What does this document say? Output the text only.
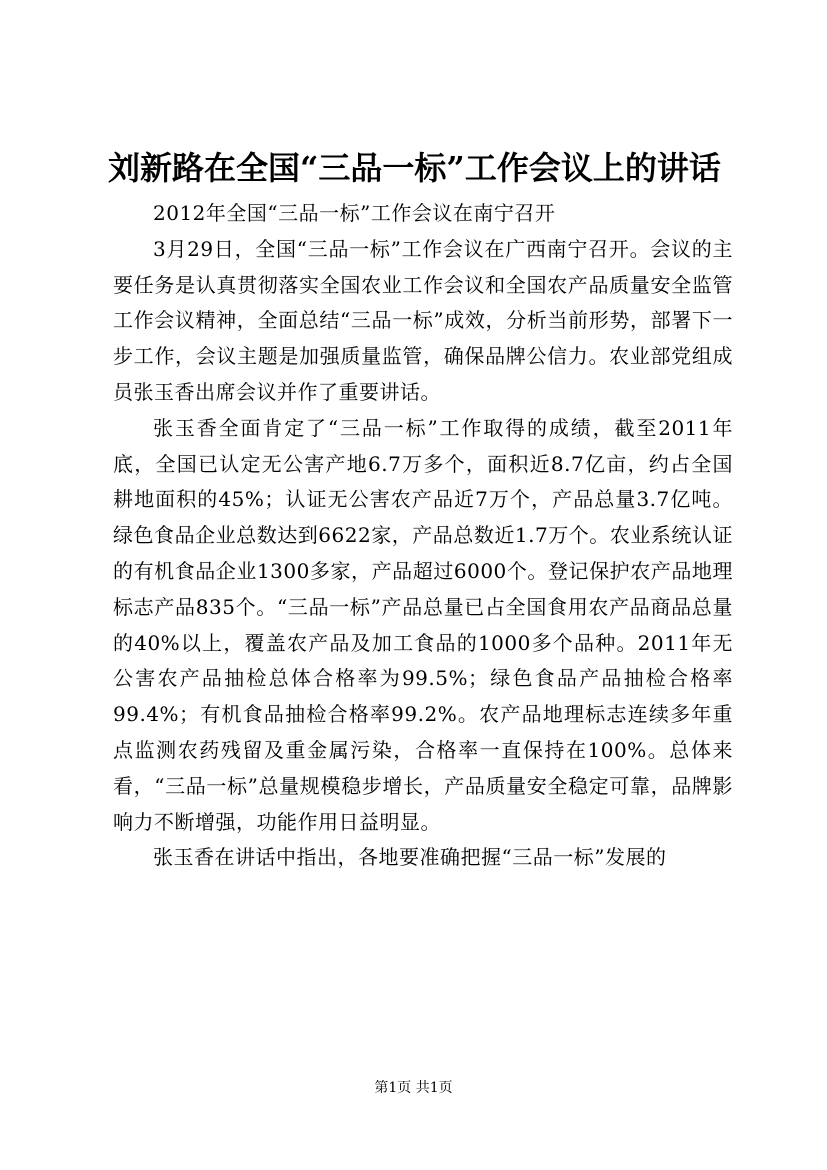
刘新路在全国“三品一标”工作会议上的讲话

2012年全国“三品一标”工作会议在南宁召开

3月29日，全国“三品一标”工作会议在广西南宁召开。会议的主要任务是认真贯彻落实全国农业工作会议和全国农产品质量安全监管工作会议精神，全面总结“三品一标”成效，分析当前形势，部署下一步工作，会议主题是加强质量监管，确保品牌公信力。农业部党组成员张玉香出席会议并作了重要讲话。

张玉香全面肯定了“三品一标”工作取得的成绩，截至2011年底，全国已认定无公害产地6.7万多个，面积近8.7亿亩，约占全国耕地面积的45%；认证无公害农产品近7万个，产品总量3.7亿吨。绿色食品企业总数达到6622家，产品总数近1.7万个。农业系统认证的有机食品企业1300多家，产品超过6000个。登记保护农产品地理标志产品835个。“三品一标”产品总量已占全国食用农产品商品总量的40%以上，覆盖农产品及加工食品的1000多个品种。2011年无公害农产品抽检总体合格率为99.5%；绿色食品产品抽检合格率99.4%；有机食品抽检合格率99.2%。农产品地理标志连续多年重点监测农药残留及重金属污染，合格率一直保持在100%。总体来看，“三品一标”总量规模稳步增长，产品质量安全稳定可靠，品牌影响力不断增强，功能作用日益明显。

张玉香在讲话中指出，各地要准确把握“三品一标”发展的

第1页 共1页
